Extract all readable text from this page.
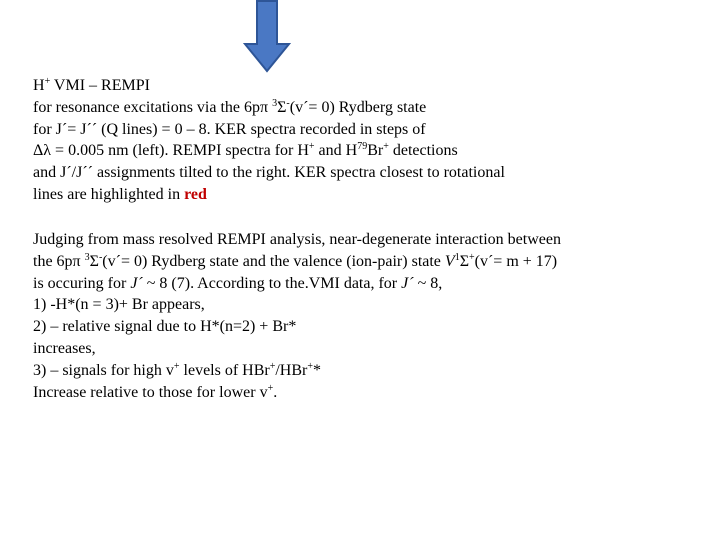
H+ VMI – REMPI
for resonance excitations via the 6pπ $^3$Σ-(v´= 0) Rydberg state
for J´= J´´ (Q lines) = 0 – 8. KER spectra recorded in steps of
Δλ = 0.005 nm (left). REMPI spectra for H+ and $H^{79}Br^+$ detections
and J´/J´´ assignments tilted to the right. KER spectra closest to rotational
lines are highlighted in red
Judging from mass resolved REMPI analysis, near-degenerate interaction between
the 6pπ $^3$Σ-(v´= 0) Rydberg state and the valence (ion-pair) state $V^1\Sigma^+(v´= m + 17)$
is occuring for J´ ~ 8 (7). According to the.VMI data, for J´ ~ 8,
1) -H*(n = 3)+ Br appears,
2) – relative signal due to H*(n=2) + Br*
increases,
3) – signals for high v+ levels of HBr+/HBr+*
Increase relative to those for lower v+.
